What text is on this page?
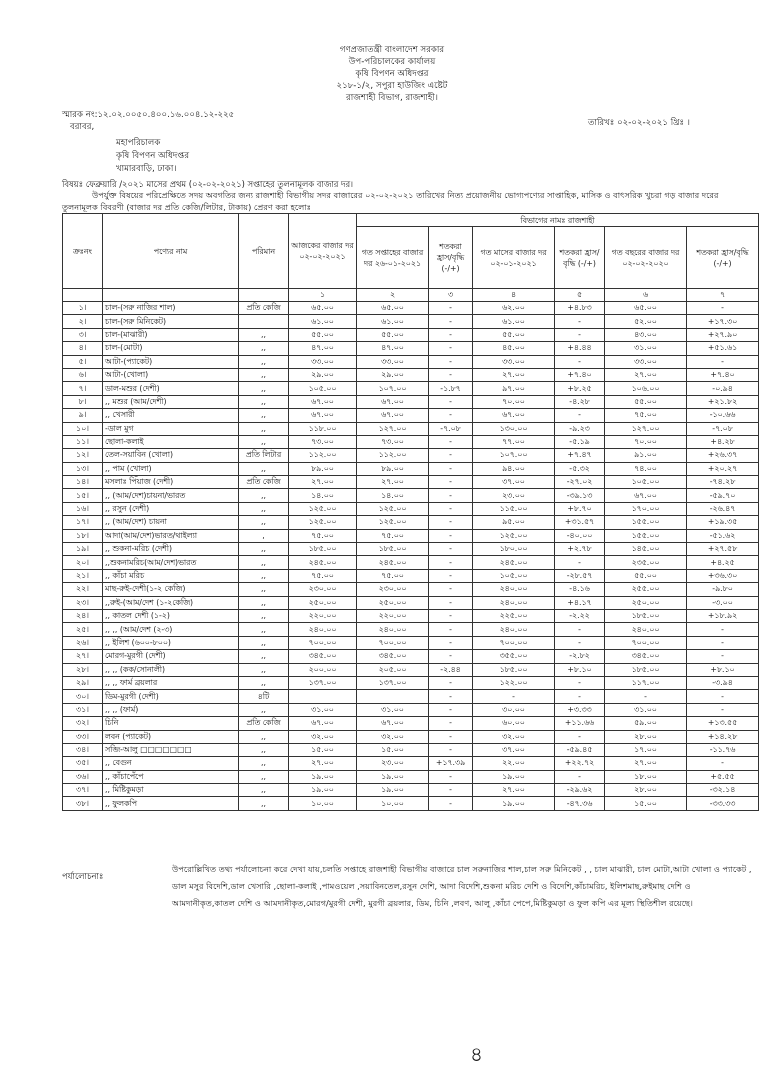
গণপ্রজাতন্ত্রী বাংলাদেশ সরকার
উপ-পরিচালকের কার্যালয়
কৃষি বিপণন অধিদপ্তর
২১৮-১/২, সপুরা হাউজিং এষ্টেট
রাজশাহী বিভাগ, রাজশাহী।
স্মারক নং:১২.০২.০০৫০.৪০০.১৬.০০৪.১২-২২৫
তারিখঃ ০২-০২-২০২১ খ্রিঃ ।
বরাবর,
মহাপরিচালক
কৃষি বিপণন অধিদপ্তর
খামারবাড়ি, ঢাকা।
বিষয়ঃ ফেব্রুয়ারি /২০২১ মাসের প্রথম (০২-০২-২০২১) সপ্তাহের তুলনামূলক বাজার দর।
উপর্যুক্ত বিষয়ের পরিপ্রেক্ষিতে সদয় অবগতির জন্য রাজশাহী বিভাগীয় সদর বাজারের ০২-০২-২০২১ তারিখের নিত্য প্রয়োজনীয় ভোগ্যপণ্যের সাপ্তাহিক, মাসিক ও বাৎসরিক খুচরা গড় বাজার দরের তুলনামূলক বিবরণী (বাজার দর প্রতি কেজি/লিটার, টাকায়) প্রেরণ করা হলোঃ
ক্রঃনং	পণ্যের নাম	পরিমান	আজকের বাজার দর ০২-০২-২০২১	বিভাগের নামঃ রাজশাহী					
				গত সপ্তাহের বাজার দর ২৬-০১-২০২১	শতকরা হ্রাস/বৃদ্ধি (-/+)	গত মাসের বাজার দর ০২-০১-২০২১	শতকরা হ্রাস/বৃদ্ধি (-/+)	গত বছরের বাজার দর ০২-০২-২০২০	শতকরা হ্রাস/বৃদ্ধি (-/+)
			১	২	৩	৪	৫	৬	৭
১।	চাল-(সরু নাজির শাল)	প্রতি কেজি	৬৫.০০	৬৫.০০	-	৬২.০০	+৪.৮৩	৬৫.০০	-
২।	চাল-(সরু মিনিকেট)		৬১.০০	৬১.০০	-	৬১.০০	-	৫২.০০	+১৭.৩০
৩।	চাল-(মাঝারী)	,,	৫৫.০০	৫৫.০০	-	৫৫.০০	-	৪৩.০০	+২৭.৯০
৪।	চাল-(মোটা)	,,	৪৭.০০	৪৭.০০	-	৪৫.০০	+৪.৪৪	৩১.০০	+৫১.৬১
৫।	আটা-(প্যাকেট)	,,	৩৩.০০	৩৩.০০	-	৩৩.০০	-	৩৩.০০	-
৬।	আটা-(খোলা)	,,	২৯.০০	২৯.০০	-	২৭.০০	+৭.৪০	২৭.০০	+৭.৪০
৭।	ডাল-মশুর (দেশী)	,,	১০৫.০০	১০৭.০০	-১.৮৭	৯৭.০০	+৮.২৫	১০৬.০০	-০.৯৪
৮।	,, মশুর (আম/দেশী)	,,	৬৭.০০	৬৭.০০	-	৭০.০০	-৪.২৮	৫৫.০০	+২১.৮২
৯।	,, খেসারী	,,	৬৭.০০	৬৭.০০	-	৬৭.০০	-	৭৫.০০	-১০.৬৬
১০।	-ডাল মুগ	,,	১১৮.০০	১২৭.০০	-৭.০৮	১৩০.০০	-৯.২৩	১২৭.০০	-৭.০৮
১১।	ছোলা-কলাই	,,	৭৩.০০	৭৩.০০	-	৭৭.০০	-৫.১৯	৭০.০০	+৪.২৮
১২।	তেল-সয়াবিন (খোলা)	প্রতি লিটার	১১২.০০	১১২.০০	-	১০৭.০০	+৭.৪৭	৯১.০০	+২৬.৩৭
১৩।	,, পাম (খোলা)	,,	৮৯.০০	৮৯.০০	-	৯৪.০০	-৫.৩২	৭৪.০০	+২০.২৭
১৪।	মসলাঃ পিঁয়াজ (দেশী)	প্রতি কেজি	২৭.০০	২৭.০০	-	৩৭.০০	-২৭.০২	১০৫.০০	-৭৪.২৮
১৫।	,, (আম/দেশ)চায়না/ভারত	,,	১৪.০০	১৪.০০	-	২৩.০০	-৩৯.১৩	৬৭.০০	-৫৯.৭০
১৬।	,, রসুন (দেশী)	,,	১২৫.০০	১২৫.০০	-	১১৫.০০	+৮.৭০	১৭০.০০	-২৬.৪৭
১৭।	,, (আম/দেশ) চায়না	,,	১২৫.০০	১২৫.০০	-	৯৫.০০	+৩১.৫৭	১৫৫.০০	+১৯.৩৫
১৮।	আদা(আম/দেশ)ভারত/থাইল্যা	,	৭৫.০০	৭৫.০০	-	১২৫.০০	-৪০.০০	১৫৫.০০	-৫১.৬২
১৯।	,, শুকনা-মরিচ (দেশী)	,,	১৮৫.০০	১৮৫.০০	-	১৮০.০০	+২.৭৮	১৪৫.০০	+২৭.৫৮
২০।	,,শুকনামরিচ(আম/দেশ)ভারত	,,	২৪৫.০০	২৪৫.০০	-	২৪৫.০০	-	২৩৫.০০	+৪.২৫
২১।	,, কাঁচা মরিচ	,,	৭৫.০০	৭৫.০০	-	১০৫.০০	-২৮.৫৭	৫৫.০০	+৩৬.৩০
২২।	মাছ-রুই-দেশী(১-২ কেজি)	,,	২৩০.০০	২৩০.০০	-	২৪০.০০	-৪.১৬	২৫৫.০০	-৯.৮০
২৩।	,,রুই-(আম/দেশ (১-২কেজি)	,,	২৫০.০০	২৫০.০০	-	২৪০.০০	+৪.১৭	২৫০.০০	-৩.০০
২৪।	,, কাতল দেশী (১-২)	,,	২২০.০০	২২০.০০	-	২২৫.০০	-২.২২	১৮৫.০০	+১৮.৯২
২৫।	,, ,, (আম/দেশ (২-৩)	,,	২৪০.০০	২৪০.০০	-	২৪০.০০	-	২৪০.০০	-
২৬।	,, ইলিশ (৬০০-৮০০)	,,	৭০০.০০	৭০০.০০	-	৭০০.০০	-	৭০০.০০	-
২৭।	মোরগ-মুরগী (দেশী)	,,	৩৪৫.০০	৩৪৫.০০	-	৩৫৫.০০	-২.৮২	৩৪৫.০০	-
২৮।	,, ,, (কক/সোনালী)	,,	২০০.০০	২০৫.০০	-২.৪৪	১৮৫.০০	+৮.১০	১৮৫.০০	+৮.১০
২৯।	,, ,, ফার্ম ব্রয়লার	,,	১৩৭.০০	১৩৭.০০	-	১২২.০০	-	১১৭.০০	-৩.৯৪
৩০।	ডিম-মুরগী (দেশী)	৪টি			-	-	-	-	-
৩১।	,, ,, (ফার্ম)	,,	৩১.০০	৩১.০০	-	৩০.০০	+৩.৩৩	৩১.০০	-
৩২।	চিনি	প্রতি কেজি	৬৭.০০	৬৭.০০	-	৬০.০০	+১১.৬৬	৫৯.০০	+১৩.৫৫
৩৩।	লবন (প্যাকেট)	,,	৩২.০০	৩২.০০	-	৩২.০০	-	২৮.০০	+১৪.২৮
৩৪।	সব্জি-আলু □□□□□□□	,,	১৫.০০	১৫.০০	-	৩৭.০০	-৫৯.৪৫	১৭.০০	-১১.৭৬
৩৫।	,, বেগুন	,,	২৭.০০	২৩.০০	+১৭.৩৯	২২.০০	+২২.৭২	২৭.০০	-
৩৬।	,, কাঁচাপেঁপে	,,	১৯.০০	১৯.০০	-	১৯.০০	-	১৮.০০	+৫.৫৫
৩৭।	,, মিষ্টিকুমড়া	,,	১৯.০০	১৯.০০	-	২৭.০০	-২৯.৬২	২৮.০০	-৩২.১৪
৩৮।	,, ফুলকপি	,,	১০.০০	১০.০০	-	১৯.০০	-৪৭.৩৬	১৫.০০	-৩৩.৩৩
পর্যালোচনাঃ
উপরোল্লিখিত তথ্য পর্যালোচনা করে দেখা যায়,চলতি সপ্তাহে রাজশাহী বিভাগীয় বাজারে চাল সরুনাজির শাল,চাল সরু মিনিকেট , , চাল মাঝারী, চাল মোটা,আটা খোলা ও প্যাকেট , ডাল মসুর বিদেশি,ডাল খেসারি ,ছোলা-কলাই ,পামওয়েল ,সয়াবিনতেল,রসুন দেশি, আদা বিদেশি,শুকনা মরিচ দেশি ও বিদেশি,কাঁচামরিচ, ইলিশমাছ,রুইমাছ দেশি ও আমদানীকৃত,কাতল দেশি ও আমদানীকৃত,মোরগ/মুরগী দেশী, মুরগী ব্রয়লার, ডিম, চিনি ,লবণ, আলু ,কাঁচা পেপে,মিষ্টিকুমড়া ও ফুল কপি এর মূল্য স্থিতিশীল রয়েছে।
৪
